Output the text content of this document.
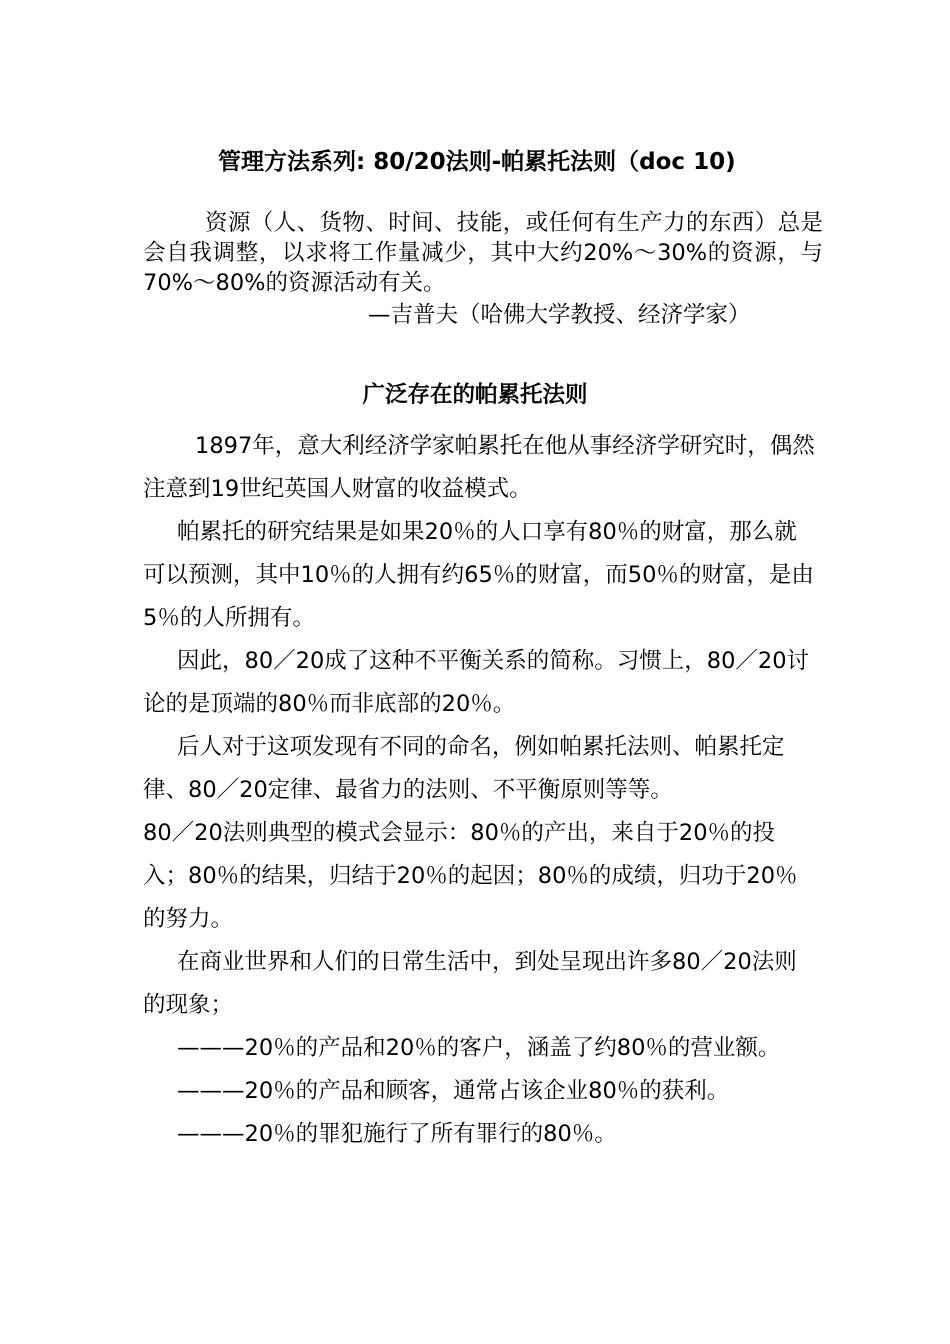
管理方法系列: 80/20法则-帕累托法则（doc 10)

资源（人、货物、时间、技能，或任何有生产力的东西）总是会自我调整，以求将工作量减少，其中大约20%～30%的资源，与70%～80%的资源活动有关。

—吉普夫（哈佛大学教授、经济学家）
广泛存在的帕累托法则

1897年，意大利经济学家帕累托在他从事经济学研究时，偶然注意到19世纪英国人财富的收益模式。

帕累托的研究结果是如果20％的人口享有80％的财富，那么就可以预测，其中10％的人拥有约65％的财富，而50％的财富，是由5％的人所拥有。

因此，80／20成了这种不平衡关系的简称。习惯上，80／20讨论的是顶端的80％而非底部的20％。

后人对于这项发现有不同的命名，例如帕累托法则、帕累托定律、80／20定律、最省力的法则、不平衡原则等等。

80／20法则典型的模式会显示：80％的产出，来自于20％的投入；80％的结果，归结于20％的起因；80％的成绩，归功于20％的努力。

在商业世界和人们的日常生活中，到处呈现出许多80／20法则的现象；

———20％的产品和20％的客户，涵盖了约80％的营业额。

———20％的产品和顾客，通常占该企业80％的获利。

———20％的罪犯施行了所有罪行的80％。
